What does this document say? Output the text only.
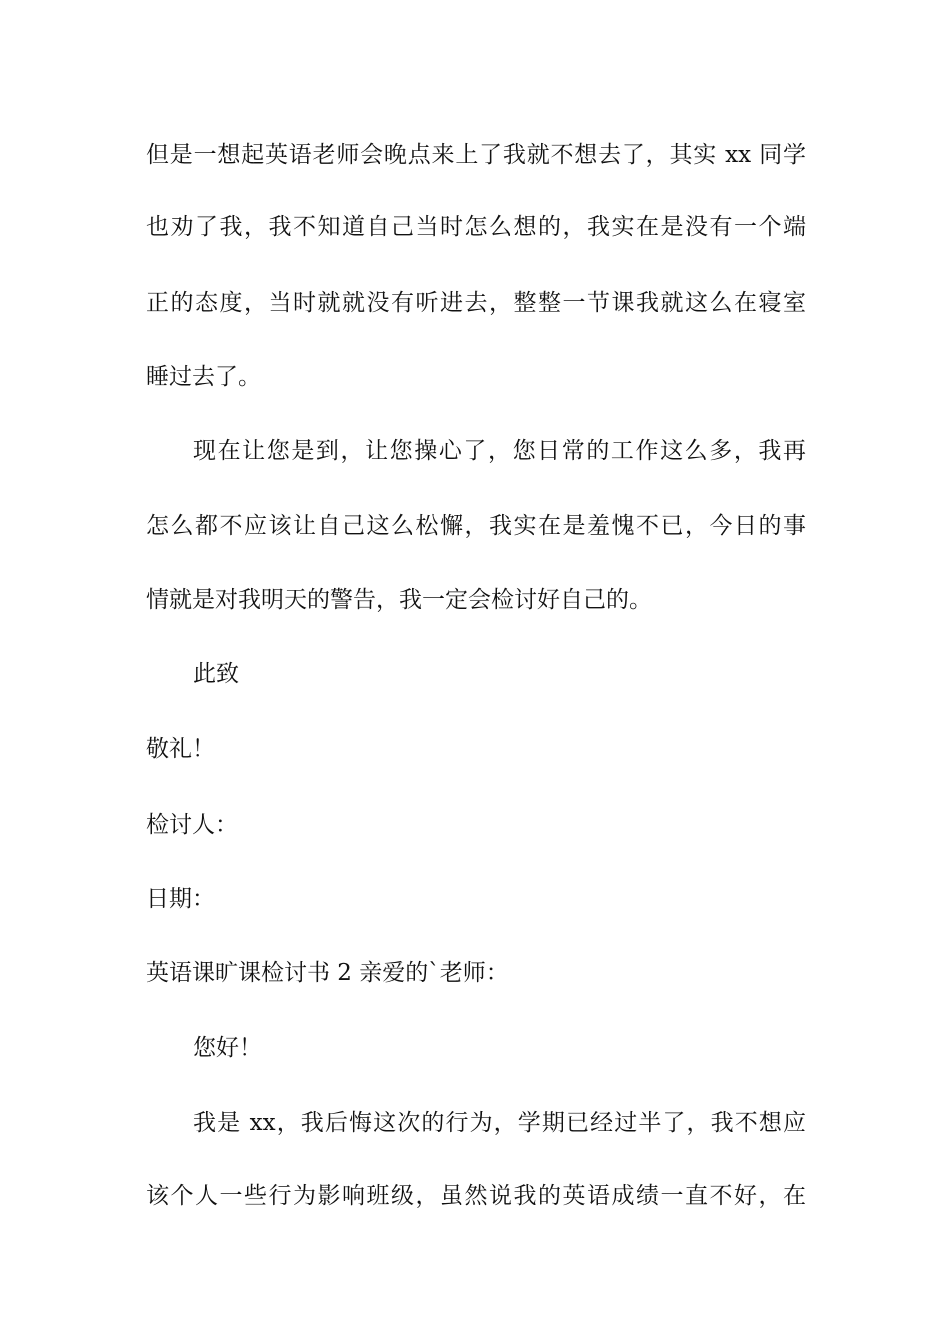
但是一想起英语老师会晚点来上了我就不想去了，其实 xx 同学
也劝了我，我不知道自己当时怎么想的，我实在是没有一个端
正的态度，当时就就没有听进去，整整一节课我就这么在寝室
睡过去了。
现在让您是到，让您操心了，您日常的工作这么多，我再
怎么都不应该让自己这么松懈，我实在是羞愧不已，今日的事
情就是对我明天的警告，我一定会检讨好自己的。
此致
敬礼！
检讨人：
日期：
英语课旷课检讨书 2 亲爱的`老师：
您好！
我是 xx，我后悔这次的行为，学期已经过半了，我不想应
该个人一些行为影响班级，虽然说我的英语成绩一直不好，在
